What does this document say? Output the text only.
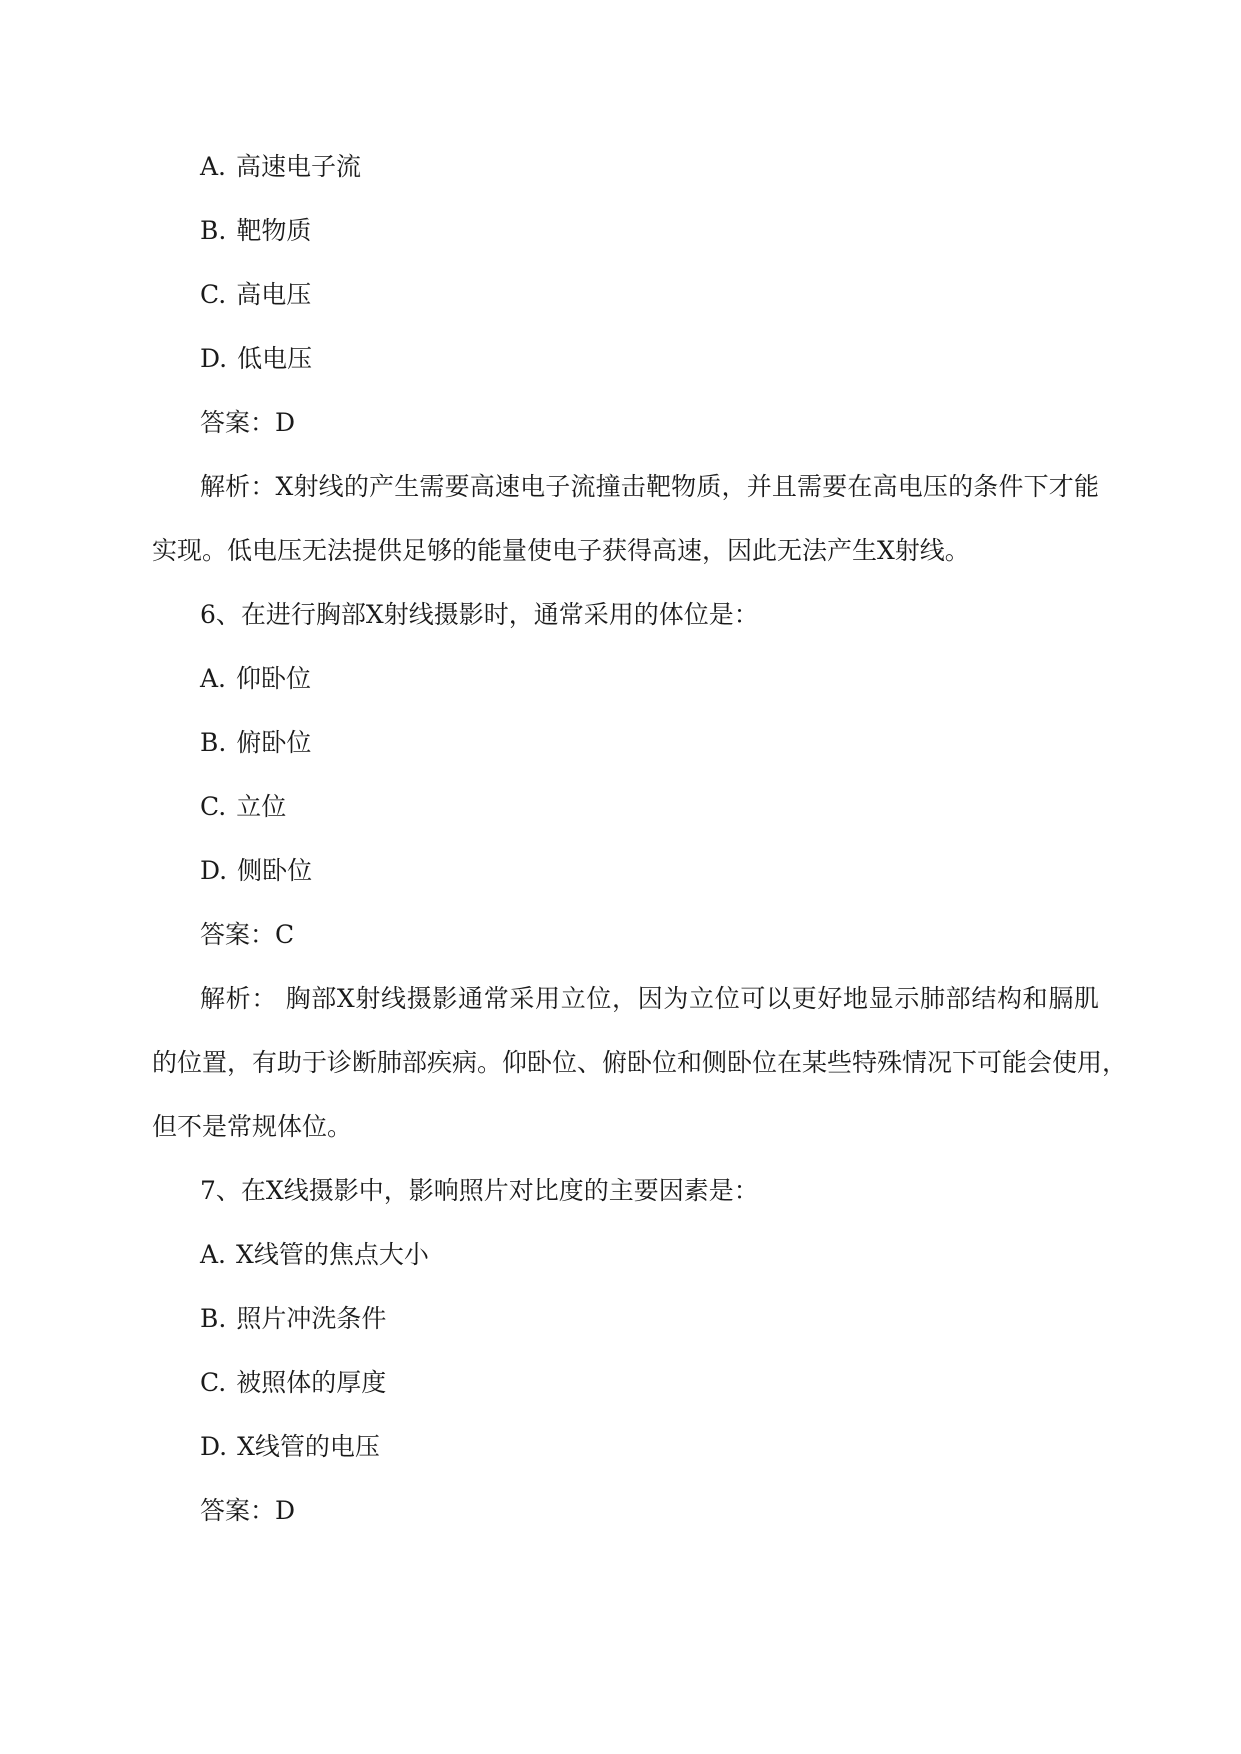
A. 高速电子流
B. 靶物质
C. 高电压
D. 低电压
答案：D
解析：X射线的产生需要高速电子流撞击靶物质，并且需要在高电压的条件下才能
实现。低电压无法提供足够的能量使电子获得高速，因此无法产生X射线。
6、在进行胸部X射线摄影时，通常采用的体位是：
A. 仰卧位
B. 俯卧位
C. 立位
D. 侧卧位
答案：C
解析： 胸部X射线摄影通常采用立位，因为立位可以更好地显示肺部结构和膈肌
的位置，有助于诊断肺部疾病。仰卧位、俯卧位和侧卧位在某些特殊情况下可能会使用，
但不是常规体位。
7、在X线摄影中，影响照片对比度的主要因素是：
A. X线管的焦点大小
B. 照片冲洗条件
C. 被照体的厚度
D. X线管的电压
答案：D
